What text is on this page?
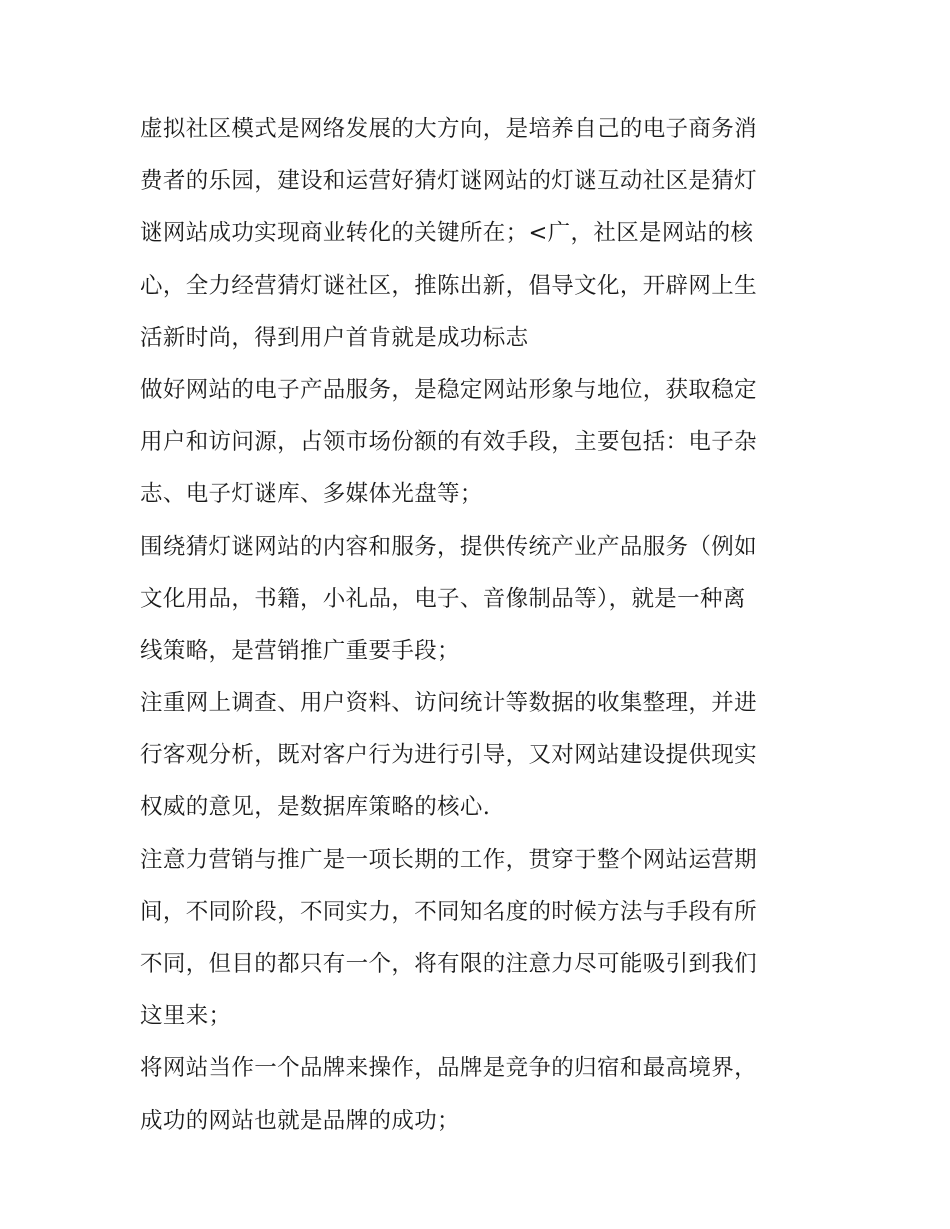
虚拟社区模式是网络发展的大方向，是培养自己的电子商务消
费者的乐园，建设和运营好猜灯谜网站的灯谜互动社区是猜灯
谜网站成功实现商业转化的关键所在；<广，社区是网站的核
心，全力经营猜灯谜社区，推陈出新，倡导文化，开辟网上生
活新时尚，得到用户首肯就是成功标志
做好网站的电子产品服务，是稳定网站形象与地位，获取稳定
用户和访问源，占领市场份额的有效手段，主要包括：电子杂
志、电子灯谜库、多媒体光盘等；
围绕猜灯谜网站的内容和服务，提供传统产业产品服务（例如
文化用品，书籍，小礼品，电子、音像制品等），就是一种离
线策略，是营销推广重要手段；
注重网上调查、用户资料、访问统计等数据的收集整理，并进
行客观分析，既对客户行为进行引导，又对网站建设提供现实
权威的意见，是数据库策略的核心.
注意力营销与推广是一项长期的工作，贯穿于整个网站运营期
间，不同阶段，不同实力，不同知名度的时候方法与手段有所
不同，但目的都只有一个，将有限的注意力尽可能吸引到我们
这里来；
将网站当作一个品牌来操作，品牌是竞争的归宿和最高境界，
成功的网站也就是品牌的成功；
